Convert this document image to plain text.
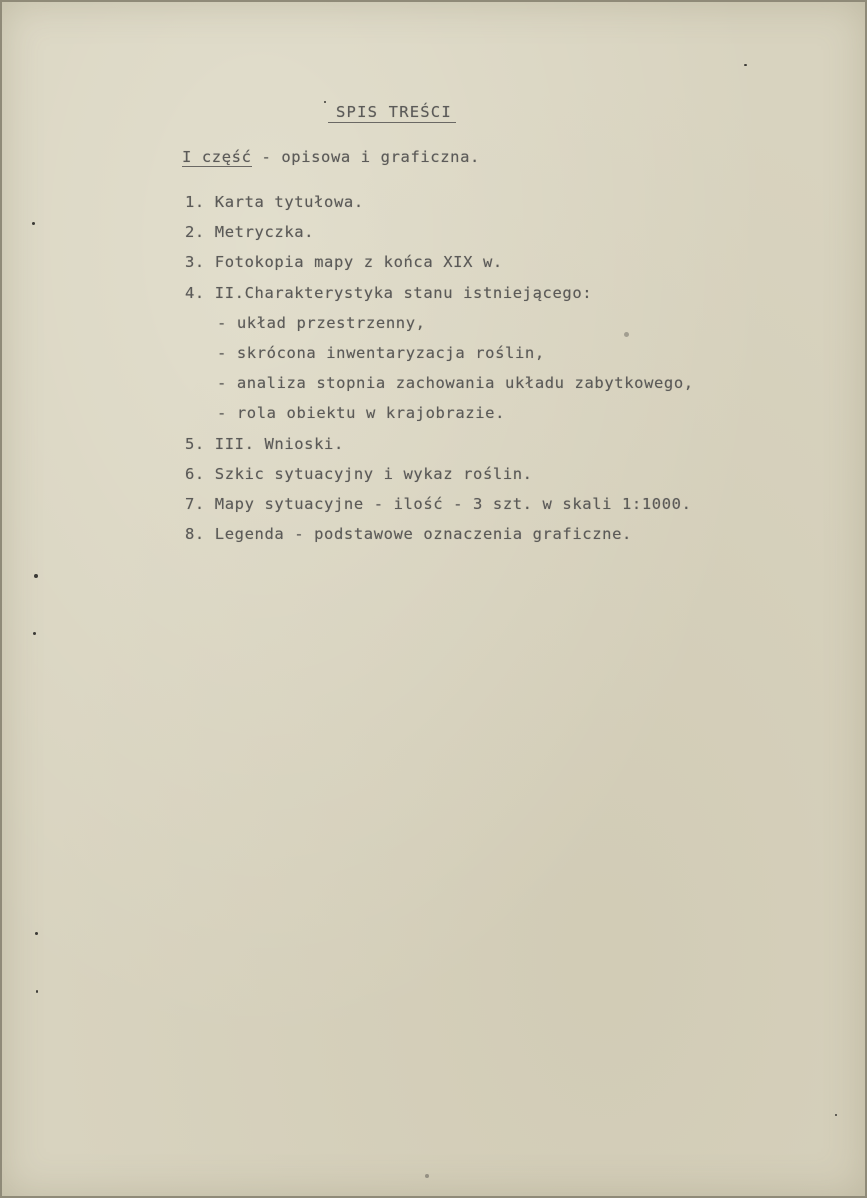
SPIS TREŚCI
I część - opisowa i graficzna.
1. Karta tytułowa.
2. Metryczka.
3. Fotokopia mapy z końca XIX w.
4. II.Charakterystyka stanu istniejącego:
- układ przestrzenny,
- skrócona inwentaryzacja roślin,
- analiza stopnia zachowania układu zabytkowego,
- rola obiektu w krajobrazie.
5. III. Wnioski.
6. Szkic sytuacyjny i wykaz roślin.
7. Mapy sytuacyjne - ilość - 3 szt. w skali 1:1000.
8. Legenda - podstawowe oznaczenia graficzne.
